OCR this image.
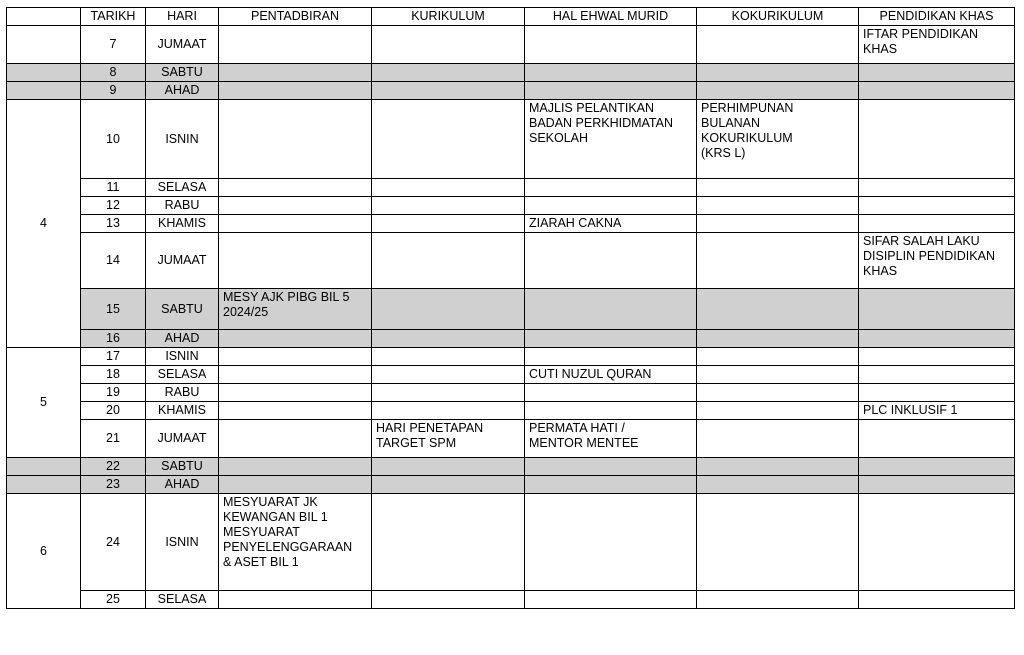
	TARIKH	HARI	PENTADBIRAN	KURIKULUM	HAL EHWAL MURID	KOKURIKULUM	PENDIDIKAN KHAS
	7	JUMAAT					IFTAR PENDIDIKAN
KHAS
	8	SABTU					
	9	AHAD					
4	10	ISNIN			MAJLIS PELANTIKAN
BADAN PERKHIDMATAN
SEKOLAH	PERHIMPUNAN
BULANAN
KOKURIKULUM
(KRS L)	
	11	SELASA					
	12	RABU					
	13	KHAMIS			ZIARAH CAKNA		
	14	JUMAAT					SIFAR SALAH LAKU
DISIPLIN PENDIDIKAN
KHAS
	15	SABTU	MESY AJK PIBG BIL 5
2024/25				
	16	AHAD					
5	17	ISNIN					
	18	SELASA			CUTI NUZUL QURAN		
	19	RABU					
	20	KHAMIS					PLC INKLUSIF 1
	21	JUMAAT		HARI PENETAPAN
TARGET SPM	PERMATA HATI /
MENTOR MENTEE		
	22	SABTU					
	23	AHAD					
6	24	ISNIN	MESYUARAT JK
KEWANGAN BIL 1
MESYUARAT
PENYELENGGARAAN
& ASET BIL 1				
	25	SELASA					
